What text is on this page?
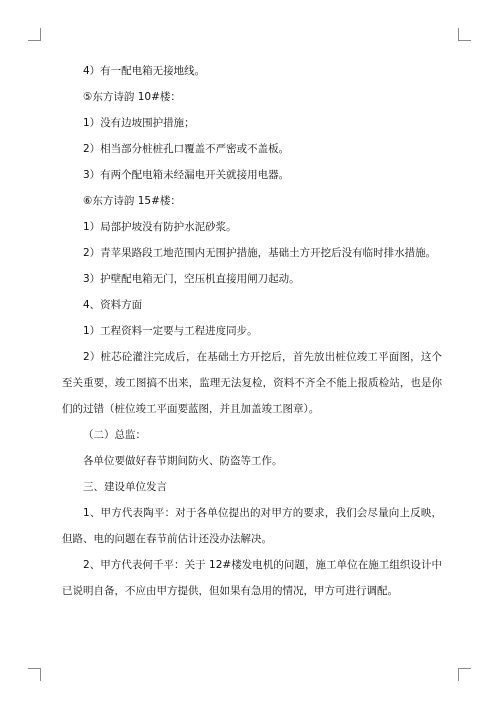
4）有一配电箱无接地线。
⑤东方诗韵 10#楼：
1）没有边坡围护措施；
2）相当部分桩桩孔口覆盖不严密或不盖板。
3）有两个配电箱未经漏电开关就接用电器。
⑥东方诗韵 15#楼：
1）局部护坡没有防护水泥砂浆。
2）青苹果路段工地范围内无围护措施，基础土方开挖后没有临时排水措施。
3）护壁配电箱无门，空压机直接用闸刀起动。
4、资料方面
1）工程资料一定要与工程进度同步。
2）桩芯砼灌注完成后，在基础土方开挖后，首先放出桩位竣工平面图，这个至关重要，竣工图搞不出来，监理无法复检，资料不齐全不能上报质检站，也是你们的过错（桩位竣工平面要蓝图，并且加盖竣工图章）。
（二）总监：
各单位要做好春节期间防火、防盗等工作。
三、建设单位发言
1、甲方代表陶平：对于各单位提出的对甲方的要求，我们会尽量向上反映，但路、电的问题在春节前估计还没办法解决。
2、甲方代表何千平：关于 12#楼发电机的问题，施工单位在施工组织设计中已说明自备，不应由甲方提供，但如果有急用的情况，甲方可进行调配。
